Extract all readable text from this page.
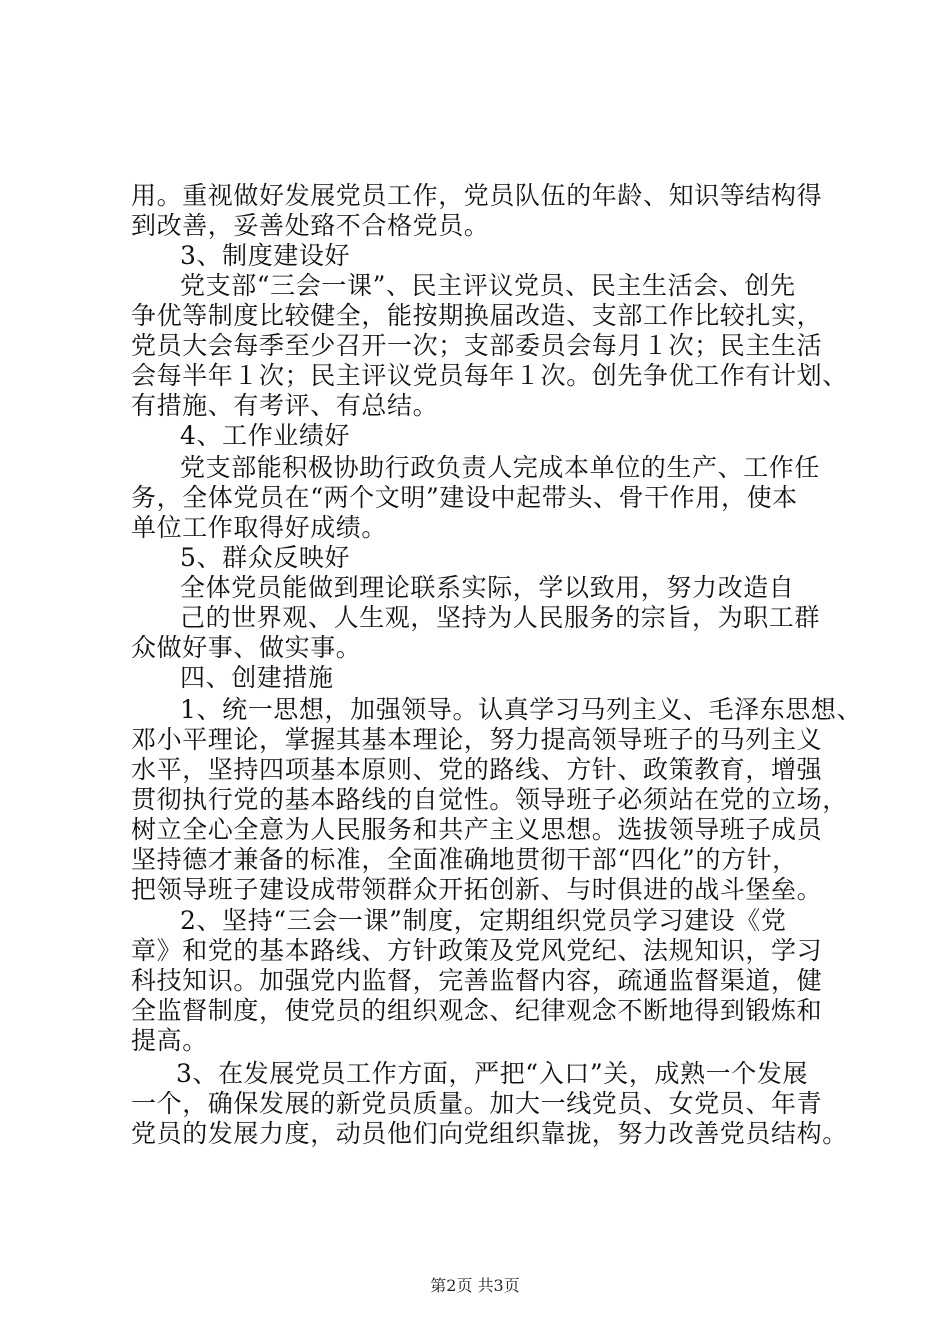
用。重视做好发展党员工作，党员队伍的年龄、知识等结构得
到改善，妥善处臵不合格党员。
3、制度建设好
党支部“三会一课”、民主评议党员、民主生活会、创先
争优等制度比较健全，能按期换届改造、支部工作比较扎实，
党员大会每季至少召开一次；支部委员会每月１次；民主生活
会每半年１次；民主评议党员每年１次。创先争优工作有计划、
有措施、有考评、有总结。
4、工作业绩好
党支部能积极协助行政负责人完成本单位的生产、工作任
务，全体党员在“两个文明”建设中起带头、骨干作用，使本
单位工作取得好成绩。
5、群众反映好
全体党员能做到理论联系实际，学以致用，努力改造自
己的世界观、人生观，坚持为人民服务的宗旨，为职工群
众做好事、做实事。
四、创建措施
1、统一思想，加强领导。认真学习马列主义、毛泽东思想、
邓小平理论，掌握其基本理论，努力提高领导班子的马列主义
水平，坚持四项基本原则、党的路线、方针、政策教育，增强
贯彻执行党的基本路线的自觉性。领导班子必须站在党的立场，
树立全心全意为人民服务和共产主义思想。选拔领导班子成员
坚持德才兼备的标准，全面准确地贯彻干部“四化”的方针，
把领导班子建设成带领群众开拓创新、与时俱进的战斗堡垒。
2、坚持“三会一课”制度，定期组织党员学习建设《党
章》和党的基本路线、方针政策及党风党纪、法规知识，学习
科技知识。加强党内监督，完善监督内容，疏通监督渠道，健
全监督制度，使党员的组织观念、纪律观念不断地得到锻炼和
提高。
3、在发展党员工作方面，严把“入口”关，成熟一个发展
一个，确保发展的新党员质量。加大一线党员、女党员、年青
党员的发展力度，动员他们向党组织靠拢，努力改善党员结构。
第2页 共3页
